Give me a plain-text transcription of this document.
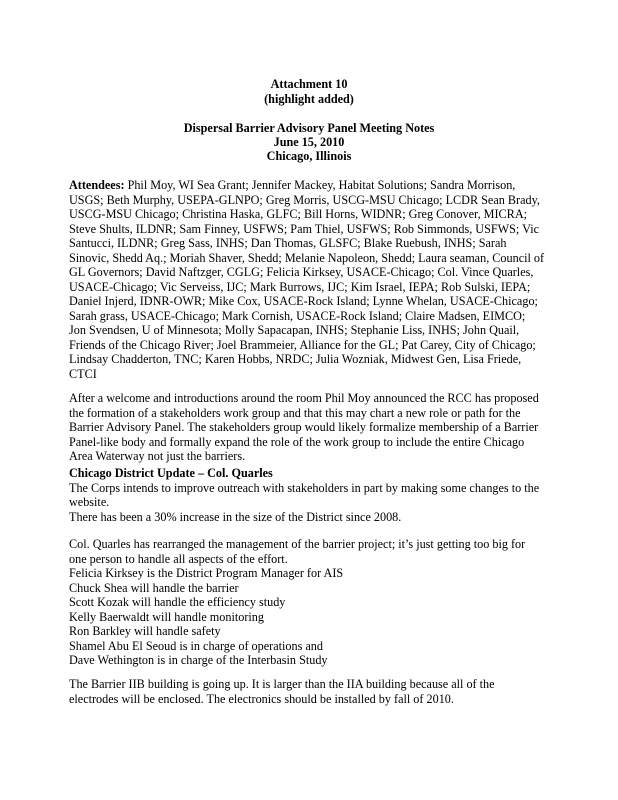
Attachment 10
(highlight added)
Dispersal Barrier Advisory Panel Meeting Notes
June 15, 2010
Chicago, Illinois
Attendees: Phil Moy, WI Sea Grant; Jennifer Mackey, Habitat Solutions; Sandra Morrison,
USGS; Beth Murphy, USEPA-GLNPO; Greg Morris, USCG-MSU Chicago; LCDR Sean Brady,
USCG-MSU Chicago; Christina Haska, GLFC; Bill Horns, WIDNR; Greg Conover, MICRA;
Steve Shults, ILDNR; Sam Finney, USFWS; Pam Thiel, USFWS; Rob Simmonds, USFWS; Vic
Santucci, ILDNR; Greg Sass, INHS; Dan Thomas, GLSFC; Blake Ruebush, INHS; Sarah
Sinovic, Shedd Aq.; Moriah Shaver, Shedd; Melanie Napoleon, Shedd; Laura seaman, Council of
GL Governors; David Naftzger, CGLG; Felicia Kirksey, USACE-Chicago; Col. Vince Quarles,
USACE-Chicago; Vic Serveiss, IJC; Mark Burrows, IJC; Kim Israel, IEPA; Rob Sulski, IEPA;
Daniel Injerd, IDNR-OWR; Mike Cox, USACE-Rock Island; Lynne Whelan, USACE-Chicago;
Sarah grass, USACE-Chicago; Mark Cornish, USACE-Rock Island; Claire Madsen, EIMCO;
Jon Svendsen, U of Minnesota; Molly Sapacapan, INHS; Stephanie Liss, INHS; John Quail,
Friends of the Chicago River; Joel Brammeier, Alliance for the GL; Pat Carey, City of Chicago;
Lindsay Chadderton, TNC; Karen Hobbs, NRDC; Julia Wozniak, Midwest Gen, Lisa Friede,
CTCI
After a welcome and introductions around the room Phil Moy announced the RCC has proposed
the formation of a stakeholders work group and that this may chart a new role or path for the
Barrier Advisory Panel. The stakeholders group would likely formalize membership of a Barrier
Panel-like body and formally expand the role of the work group to include the entire Chicago
Area Waterway not just the barriers.
Chicago District Update – Col. Quarles
The Corps intends to improve outreach with stakeholders in part by making some changes to the
website.
There has been a 30% increase in the size of the District since 2008.
Col. Quarles has rearranged the management of the barrier project; it’s just getting too big for
one person to handle all aspects of the effort.
Felicia Kirksey is the District Program Manager for AIS
Chuck Shea will handle the barrier
Scott Kozak will handle the efficiency study
Kelly Baerwaldt will handle monitoring
Ron Barkley will handle safety
Shamel Abu El Seoud is in charge of operations and
Dave Wethington is in charge of the Interbasin Study
The Barrier IIB building is going up. It is larger than the IIA building because all of the
electrodes will be enclosed. The electronics should be installed by fall of 2010.
